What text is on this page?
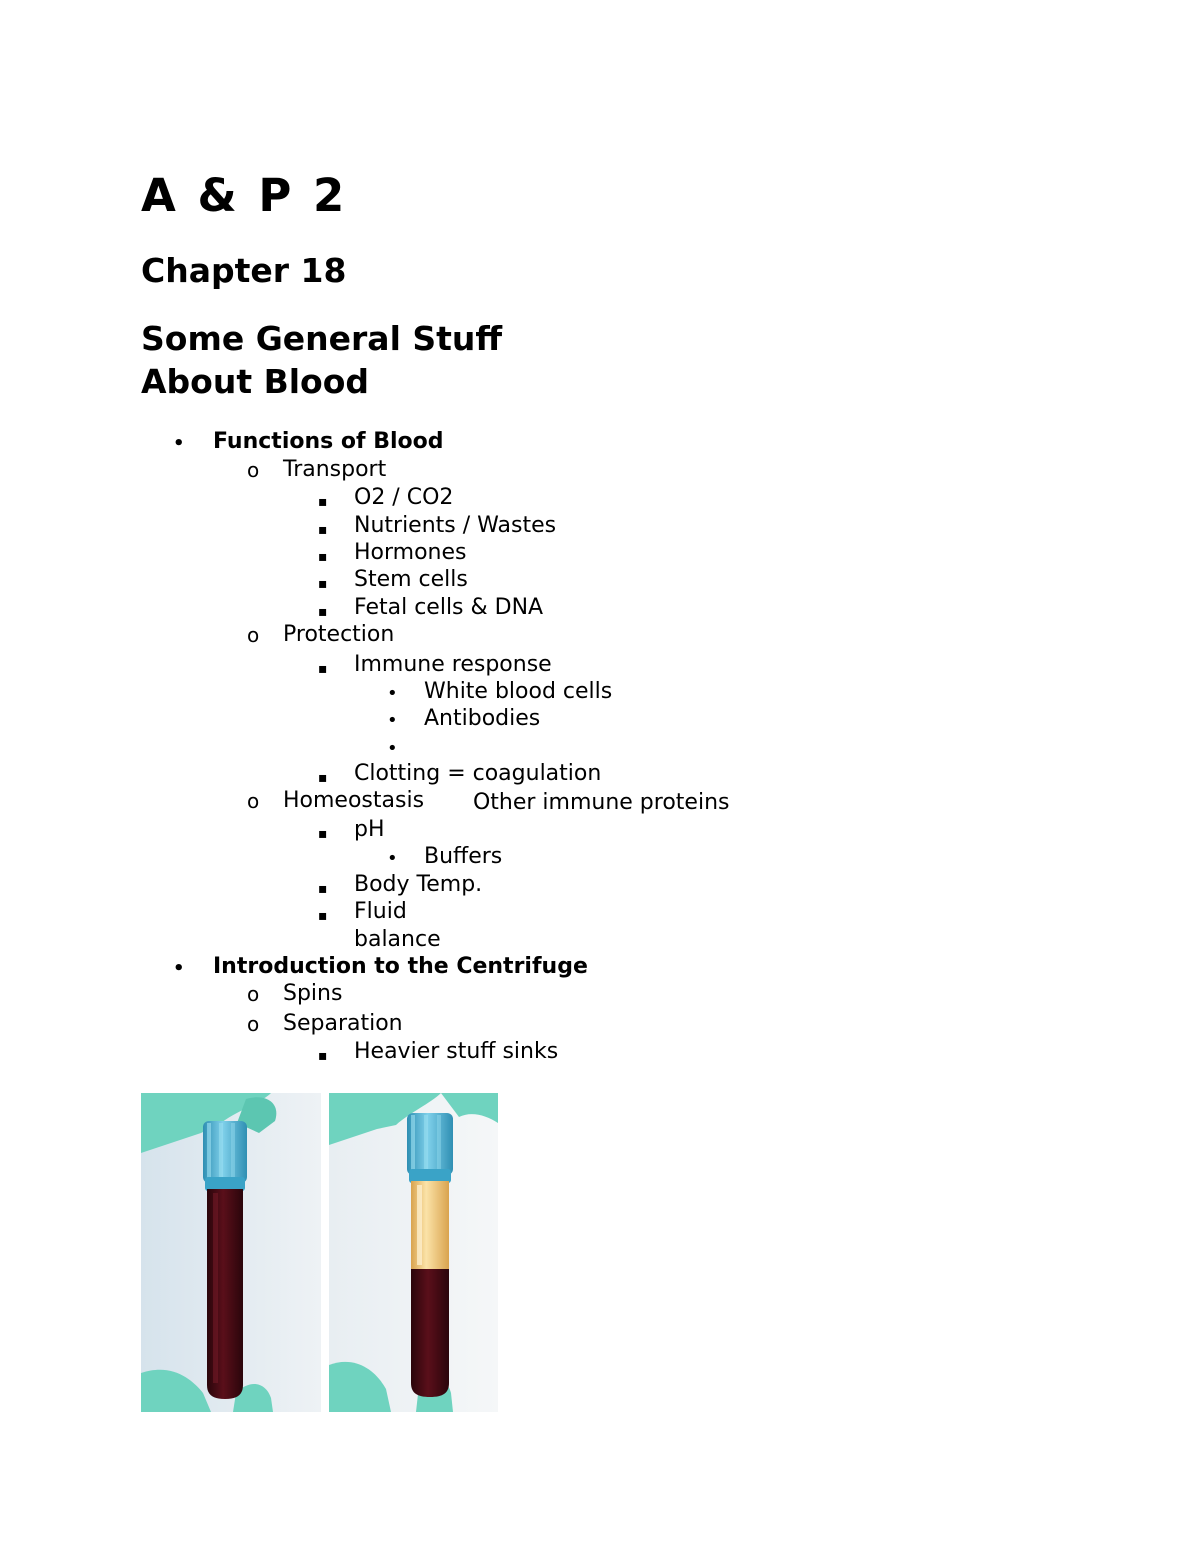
A & P 2
Chapter 18
Some General Stuff About Blood
• Functions of Blood
o Transport
▪ O2 / CO2
▪ Nutrients / Wastes
▪ Hormones
▪ Stem cells
▪ Fetal cells & DNA
o Protection
▪ Immune response
• White blood cells
• Antibodies

•

Other immune proteins

▪ Clotting = coagulation
o Homeostasis
▪ pH
• Buffers
▪ Body Temp.
▪ Fluid
balance
• Introduction to the Centrifuge
o Spins
o Separation
▪ Heavier stuff sinks
